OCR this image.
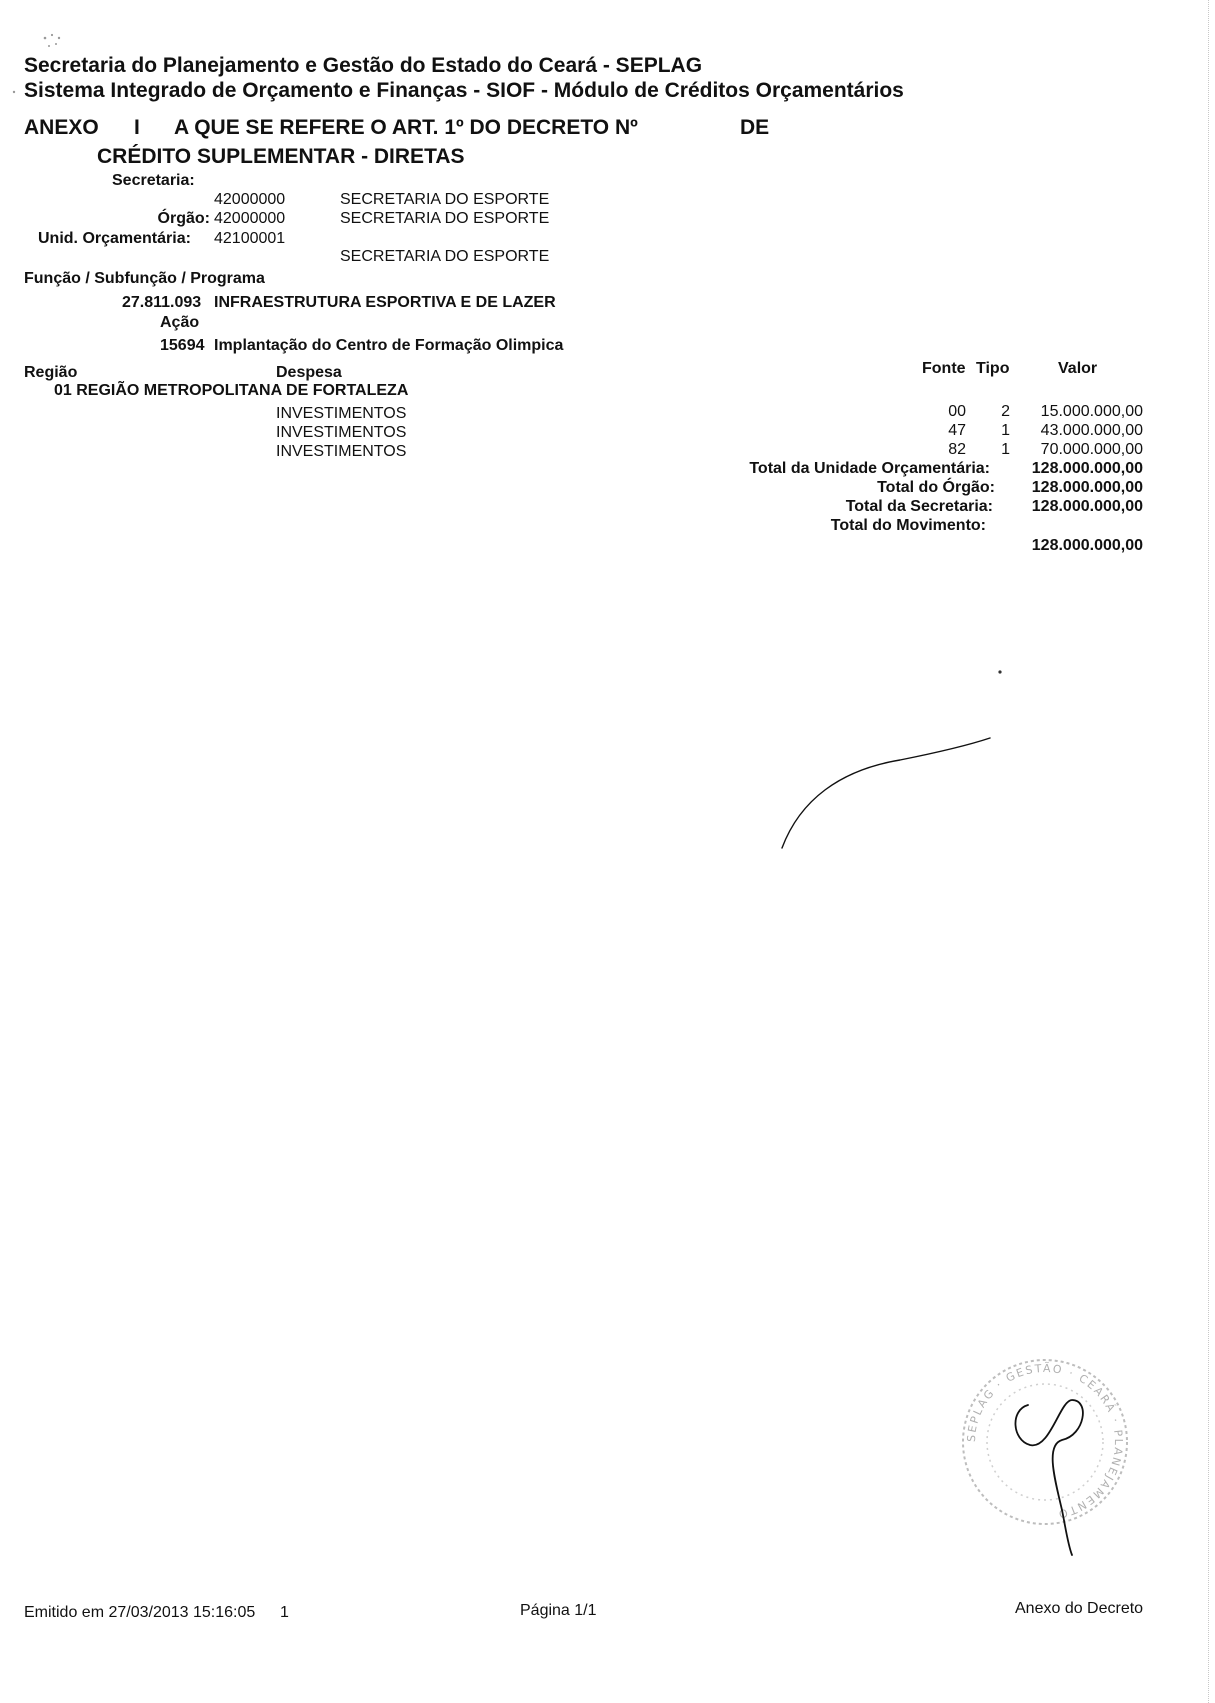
Secretaria do Planejamento e Gestão do Estado do Ceará - SEPLAG
Sistema Integrado de Orçamento e Finanças - SIOF - Módulo de Créditos Orçamentários
ANEXO I A QUE SE REFERE O ART. 1º DO DECRETO Nº	DE
CRÉDITO SUPLEMENTAR - DIRETAS
Secretaria:
42000000	SECRETARIA DO ESPORTE
Órgão: 42000000	SECRETARIA DO ESPORTE
Unid. Orçamentária: 42100001
SECRETARIA DO ESPORTE
Função / Subfunção / Programa
27.811.093 INFRAESTRUTURA ESPORTIVA E DE LAZER
Ação
15694 Implantação do Centro de Formação Olimpica
Região	Despesa	Fonte Tipo	Valor
01 REGIÃO METROPOLITANA DE FORTALEZA
INVESTIMENTOS	00	2	15.000.000,00
INVESTIMENTOS	47	1	43.000.000,00
INVESTIMENTOS	82	1	70.000.000,00
Total da Unidade Orçamentária:	128.000.000,00
Total do Órgão:	128.000.000,00
Total da Secretaria:	128.000.000,00
Total do Movimento:
128.000.000,00
SEPLAG · GESTÃO · CEARÁ · PLANEJAMENTO
Emitido em 27/03/2013 15:16:05 1	Página 1/1	Anexo do Decreto
